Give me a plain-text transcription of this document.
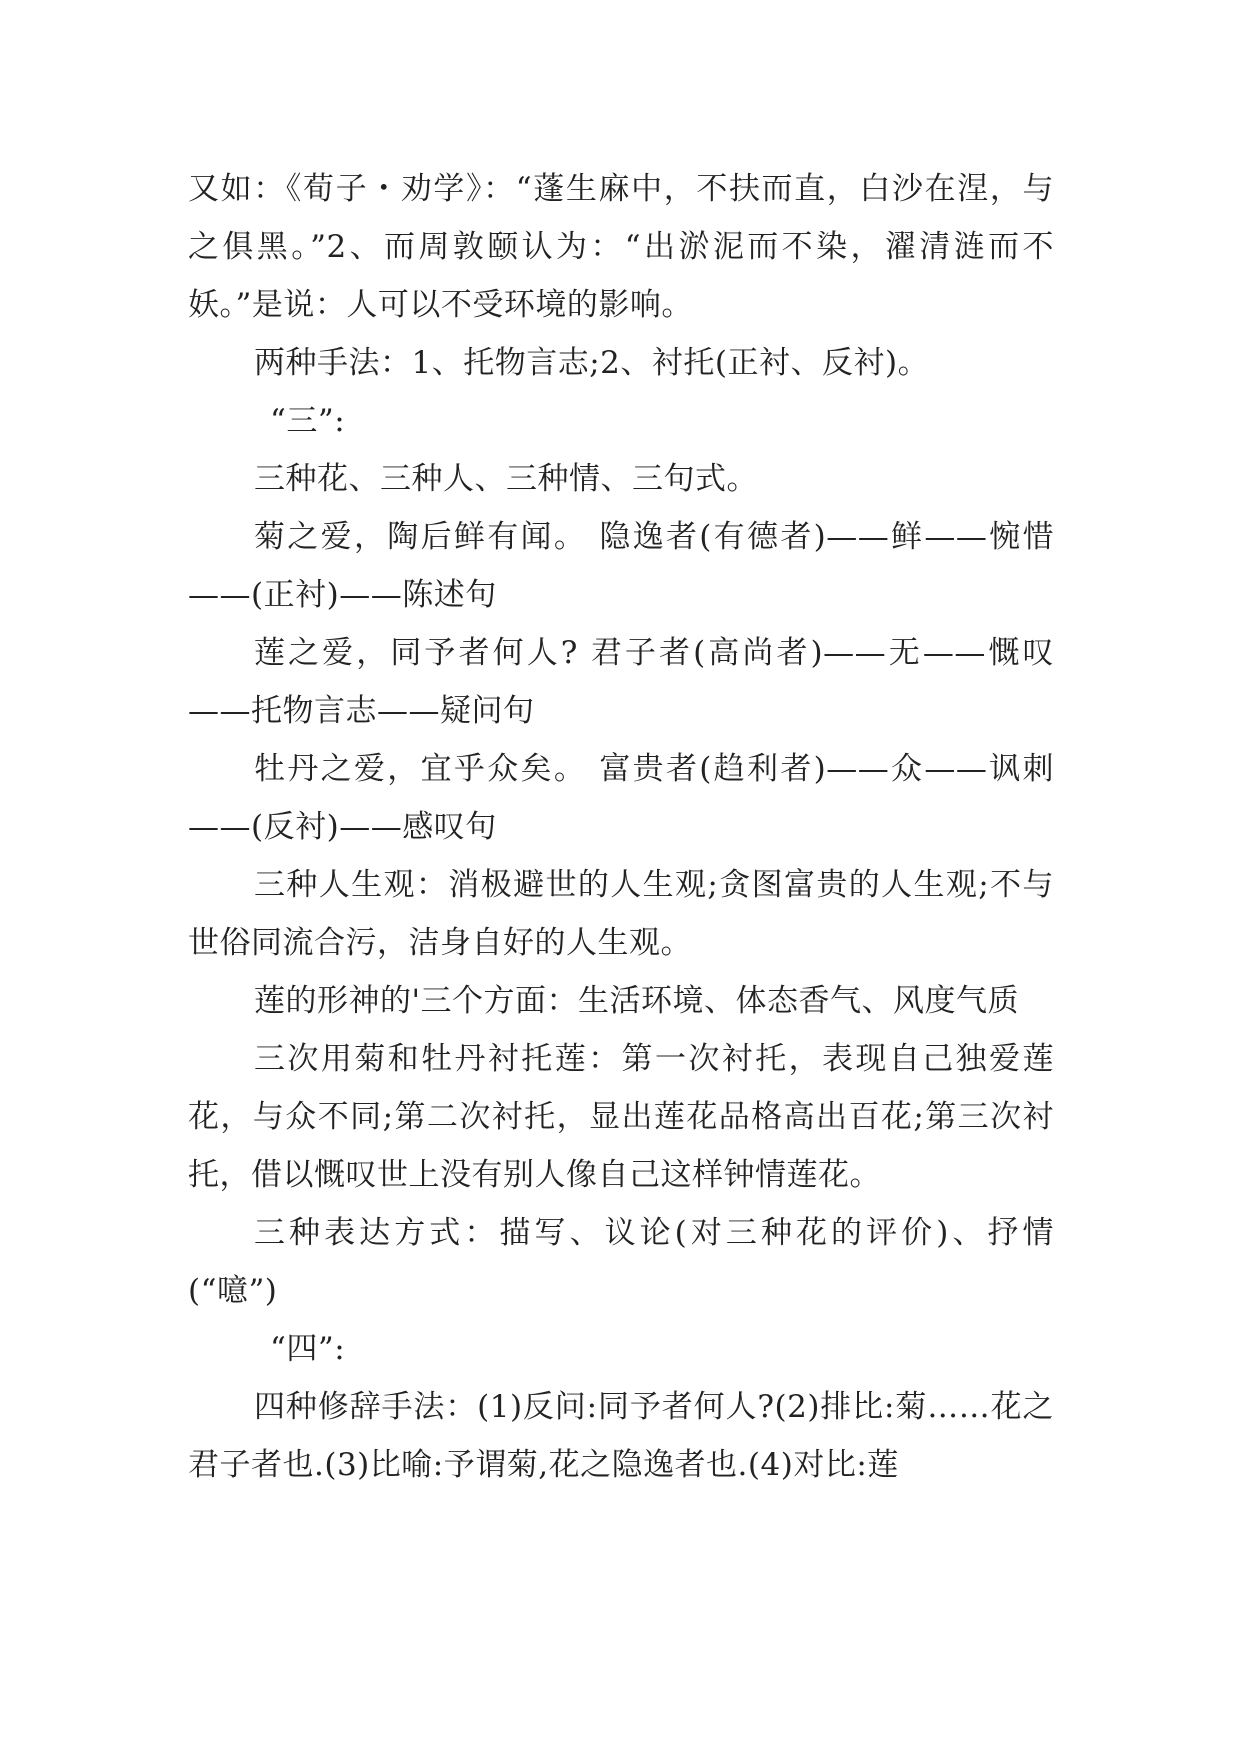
又如：《荀子・劝学》：“蓬生麻中，不扶而直，白沙在涅，与之俱黑。”2、而周敦颐认为：“出淤泥而不染，濯清涟而不妖。”是说：人可以不受环境的影响。

两种手法：1、托物言志;2、衬托(正衬、反衬)。

“三”:

三种花、三种人、三种情、三句式。

菊之爱，陶后鲜有闻。 隐逸者(有德者)——鲜——惋惜——(正衬)——陈述句

莲之爱，同予者何人? 君子者(高尚者)——无——慨叹——托物言志——疑问句

牡丹之爱，宜乎众矣。 富贵者(趋利者)——众——讽刺——(反衬)——感叹句

三种人生观：消极避世的人生观;贪图富贵的人生观;不与世俗同流合污，洁身自好的人生观。

莲的形神的'三个方面：生活环境、体态香气、风度气质

三次用菊和牡丹衬托莲：第一次衬托，表现自己独爱莲花，与众不同;第二次衬托，显出莲花品格高出百花;第三次衬托，借以慨叹世上没有别人像自己这样钟情莲花。

三种表达方式：描写、议论(对三种花的评价)、抒情(“噫”)

“四”:

四种修辞手法：(1)反问:同予者何人?(2)排比:菊……花之君子者也.(3)比喻:予谓菊,花之隐逸者也.(4)对比:莲
